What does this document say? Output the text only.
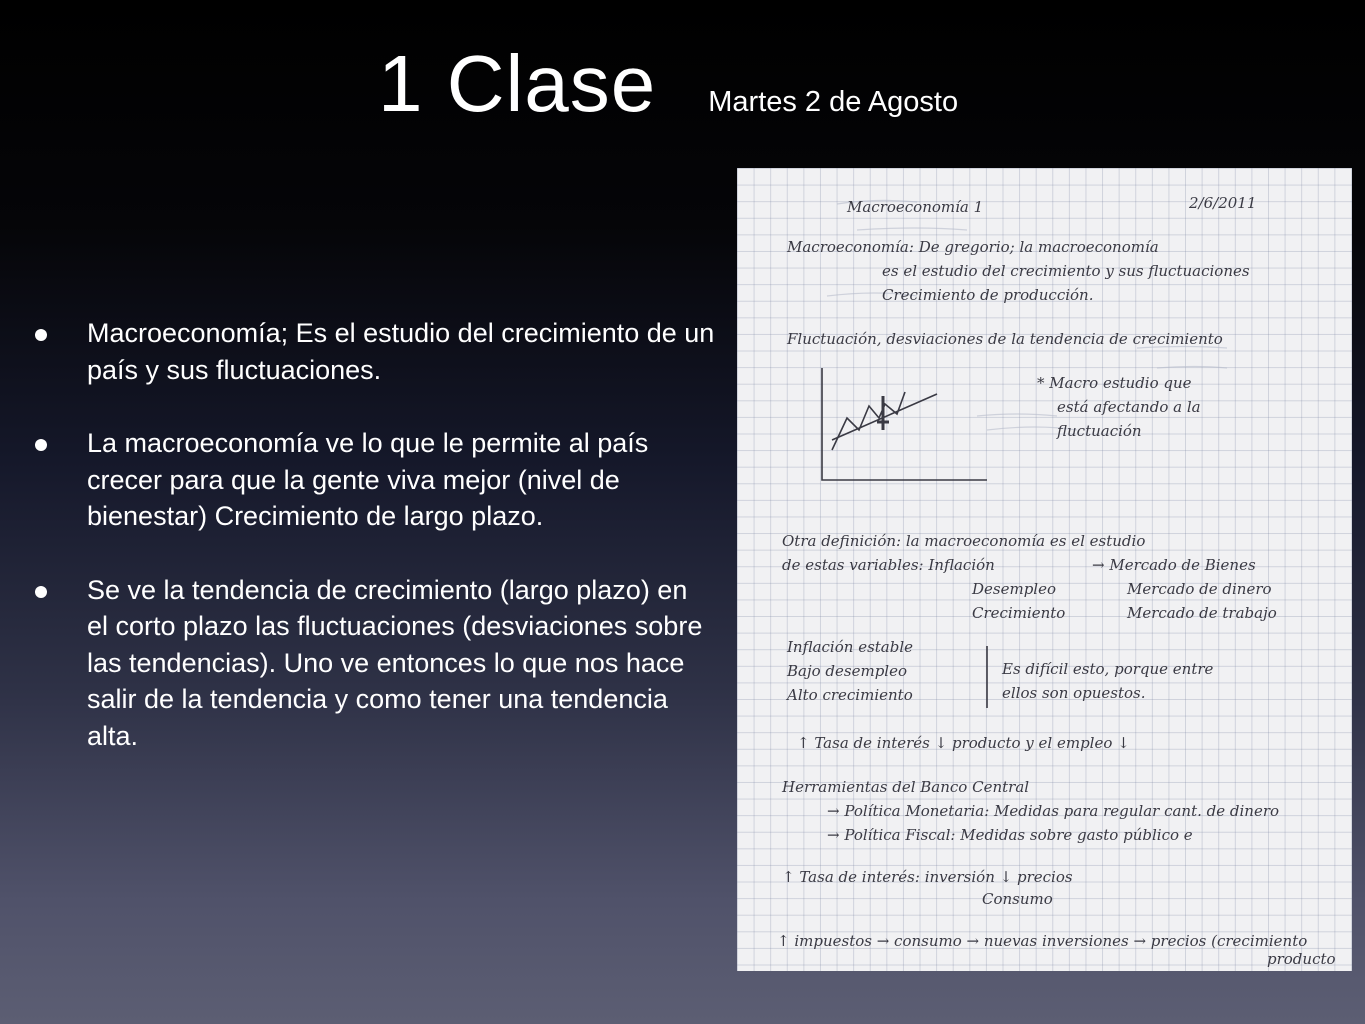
1 Clase Martes 2 de Agosto
Macroeconomía; Es el estudio del crecimiento de un país y sus fluctuaciones.
La macroeconomía ve lo que le permite al país crecer para que la gente viva mejor (nivel de bienestar) Crecimiento de largo plazo.
Se ve la tendencia de crecimiento (largo plazo) en el corto plazo las fluctuaciones (desviaciones sobre las tendencias). Uno ve entonces lo que nos hace salir de la tendencia y como tener una tendencia alta.
Macroeconomía 1	2/6/2011
Macroeconomía: De gregorio; la macroeconomía
es el estudio del crecimiento y sus fluctuaciones
Crecimiento de producción.
Fluctuación, desviaciones de la tendencia de crecimiento
* Macro estudio que
está afectando a la
fluctuación
Otra definición: la macroeconomía es el estudio
de estas variables: Inflación	→ Mercado de Bienes
Desempleo	Mercado de dinero
Crecimiento	Mercado de trabajo
Inflación estable
Bajo desempleo
Alto crecimiento
Es difícil esto, porque entre
ellos son opuestos.
↑ Tasa de interés ↓ producto y el empleo ↓
Herramientas del Banco Central
→ Política Monetaria: Medidas para regular cant. de dinero
→ Política Fiscal: Medidas sobre gasto público e
↑ Tasa de interés: inversión ↓ precios
Consumo
↑ impuestos → consumo → nuevas inversiones → precios (crecimiento
producto
